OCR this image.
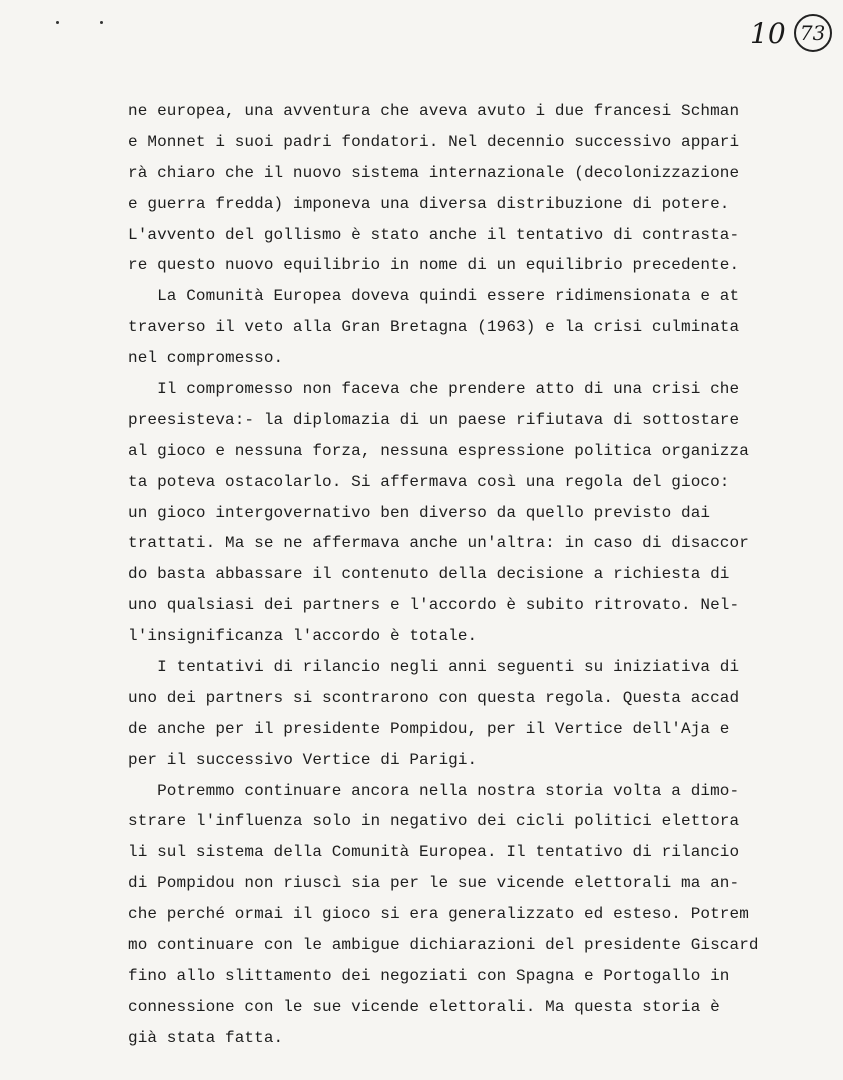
10 73
ne europea, una avventura che aveva avuto i due francesi Schman
e Monnet i suoi padri fondatori. Nel decennio successivo appari
rà chiaro che il nuovo sistema internazionale (decolonizzazione
e guerra fredda) imponeva una diversa distribuzione di potere.
L'avvento del gollismo è stato anche il tentativo di contrasta-
re questo nuovo equilibrio in nome di un equilibrio precedente.
La Comunità Europea doveva quindi essere ridimensionata e at
traverso il veto alla Gran Bretagna (1963) e la crisi culminata
nel compromesso.
Il compromesso non faceva che prendere atto di una crisi che
preesisteva:- la diplomazia di un paese rifiutava di sottostare
al gioco e nessuna forza, nessuna espressione politica organizza
ta poteva ostacolarlo. Si affermava così una regola del gioco:
un gioco intergovernativo ben diverso da quello previsto dai
trattati. Ma se ne affermava anche un'altra: in caso di disaccor
do basta abbassare il contenuto della decisione a richiesta di
uno qualsiasi dei partners e l'accordo è subito ritrovato. Nel-
l'insignificanza l'accordo è totale.
I tentativi di rilancio negli anni seguenti su iniziativa di
uno dei partners si scontrarono con questa regola. Questa accad
de anche per il presidente Pompidou, per il Vertice dell'Aja e
per il successivo Vertice di Parigi.
Potremmo continuare ancora nella nostra storia volta a dimo-
strare l'influenza solo in negativo dei cicli politici elettora
li sul sistema della Comunità Europea. Il tentativo di rilancio
di Pompidou non riuscì sia per le sue vicende elettorali ma an-
che perché ormai il gioco si era generalizzato ed esteso. Potrem
mo continuare con le ambigue dichiarazioni del presidente Giscard
fino allo slittamento dei negoziati con Spagna e Portogallo in
connessione con le sue vicende elettorali. Ma questa storia è
già stata fatta.
